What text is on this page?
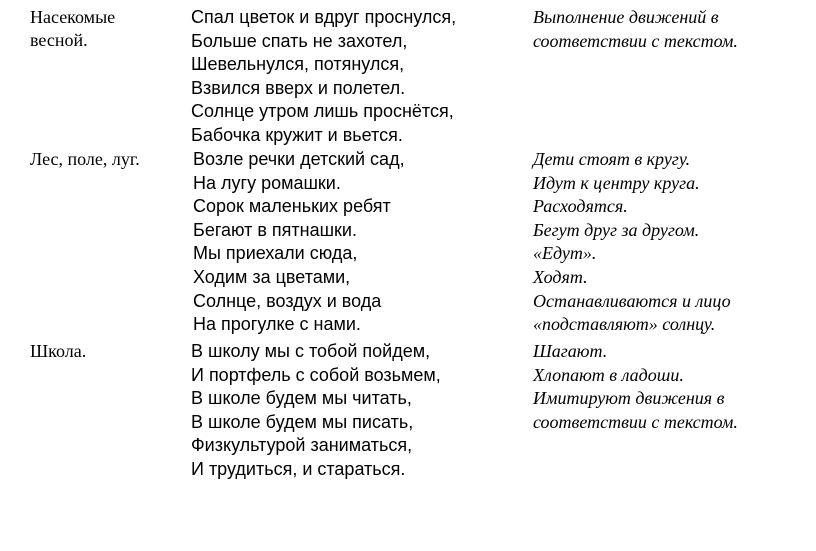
Насекомые
весной.
Спал цветок и вдруг проснулся,
Больше спать не захотел,
Шевельнулся, потянулся,
Взвился вверх и полетел.
Солнце утром лишь проснётся,
Бабочка кружит и вьется.
Выполнение движений в
соответствии с текстом.
Лес, поле, луг.	Возле речки детский сад,
На лугу ромашки.
Сорок маленьких ребят
Бегают в пятнашки.
Мы приехали сюда,
Ходим за цветами,
Солнце, воздух и вода
На прогулке с нами.
Дети стоят в кругу.
Идут к центру круга.
Расходятся.
Бегут друг за другом.
«Едут».
Ходят.
Останавливаются и лицо
«подставляют» солнцу.
Школа.	В школу мы с тобой пойдем,
И портфель с собой возьмем,
В школе будем мы читать,
В школе будем мы писать,
Физкультурой заниматься,
И трудиться, и стараться.
Шагают.
Хлопают в ладоши.
Имитируют движения в
соответствии с текстом.
